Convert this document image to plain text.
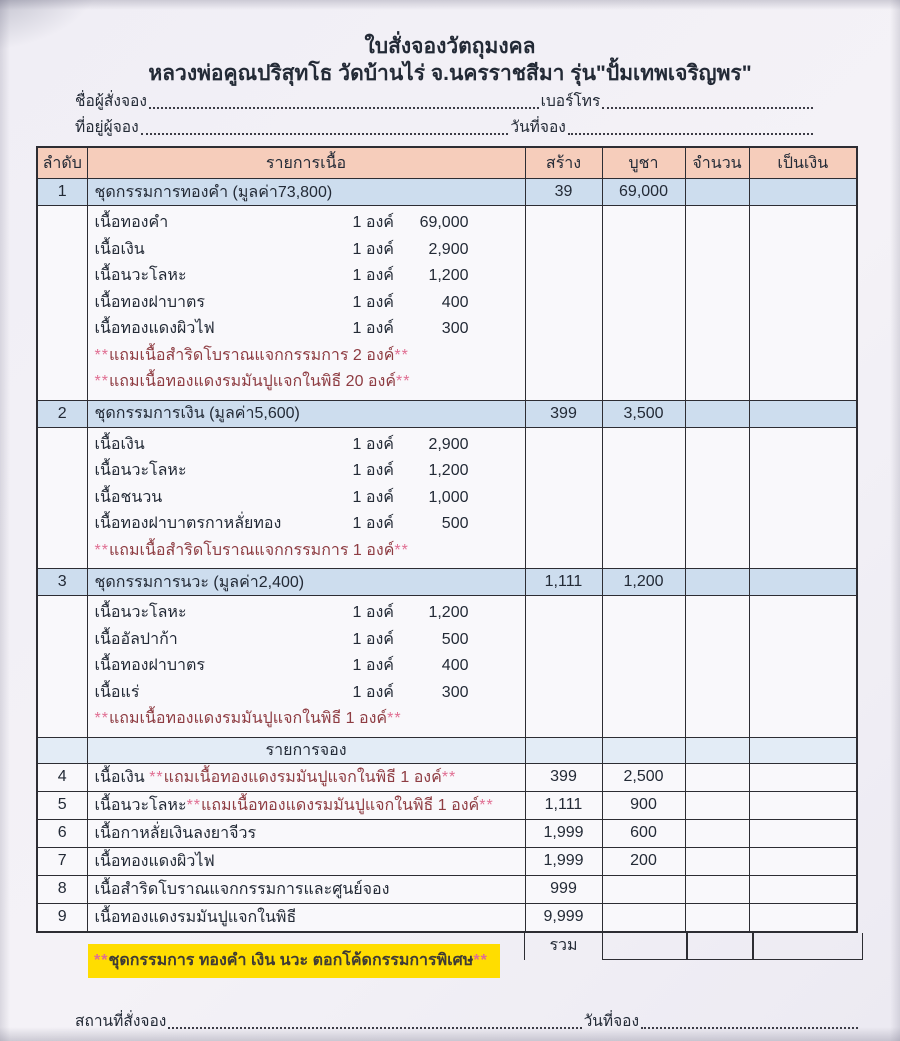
ใบสั่งจองวัตถุมงคล
หลวงพ่อคูณปริสุทโธ วัดบ้านไร่ จ.นครราชสีมา รุ่น"ปั้มเทพเจริญพร"
ชื่อผู้สั่งจอง	เบอร์โทร
ที่อยู่ผู้จอง	วันที่จอง
ลำดับ	รายการเนื้อ	สร้าง	บูชา	จำนวน	เป็นเงิน
1	ชุดกรรมการทองคำ (มูลค่า73,800)	39	69,000		

เนื้อทองคำ	1 องค์	69,000
เนื้อเงิน	1 องค์	2,900
เนื้อนวะโลหะ	1 องค์	1,200
เนื้อทองฝาบาตร	1 องค์	400
เนื้อทองแดงผิวไฟ	1 องค์	300
**แถมเนื้อสำริดโบราณแจกกรรมการ 2 องค์**
**แถมเนื้อทองแดงรมมันปูแจกในพิธี 20 องค์**

2	ชุดกรรมการเงิน (มูลค่า5,600)	399	3,500		

เนื้อเงิน	1 องค์	2,900
เนื้อนวะโลหะ	1 องค์	1,200
เนื้อชนวน	1 องค์	1,000
เนื้อทองฝาบาตรกาหลั่ยทอง	1 องค์	500
**แถมเนื้อสำริดโบราณแจกกรรมการ 1 องค์**

3	ชุดกรรมการนวะ (มูลค่า2,400)	1,111	1,200		

เนื้อนวะโลหะ	1 องค์	1,200
เนื้ออัลปาก้า	1 องค์	500
เนื้อทองฝาบาตร	1 องค์	400
เนื้อแร่	1 องค์	300
**แถมเนื้อทองแดงรมมันปูแจกในพิธี 1 องค์**

	รายการจอง				
4	เนื้อเงิน **แถมเนื้อทองแดงรมมันปูแจกในพิธี 1 องค์**	399	2,500		
5	เนื้อนวะโลหะ**แถมเนื้อทองแดงรมมันปูแจกในพิธี 1 องค์**	1,111	900		
6	เนื้อกาหลั่ยเงินลงยาจีวร	1,999	600		
7	เนื้อทองแดงผิวไฟ	1,999	200		
8	เนื้อสำริดโบราณแจกกรรมการและศูนย์จอง	999			
9	เนื้อทองแดงรมมันปูแจกในพิธี	9,999			
รวม
**ชุดกรรมการ ทองคำ เงิน นวะ ตอกโค้ดกรรมการพิเศษ**
สถานที่สั่งจอง	วันที่จอง
